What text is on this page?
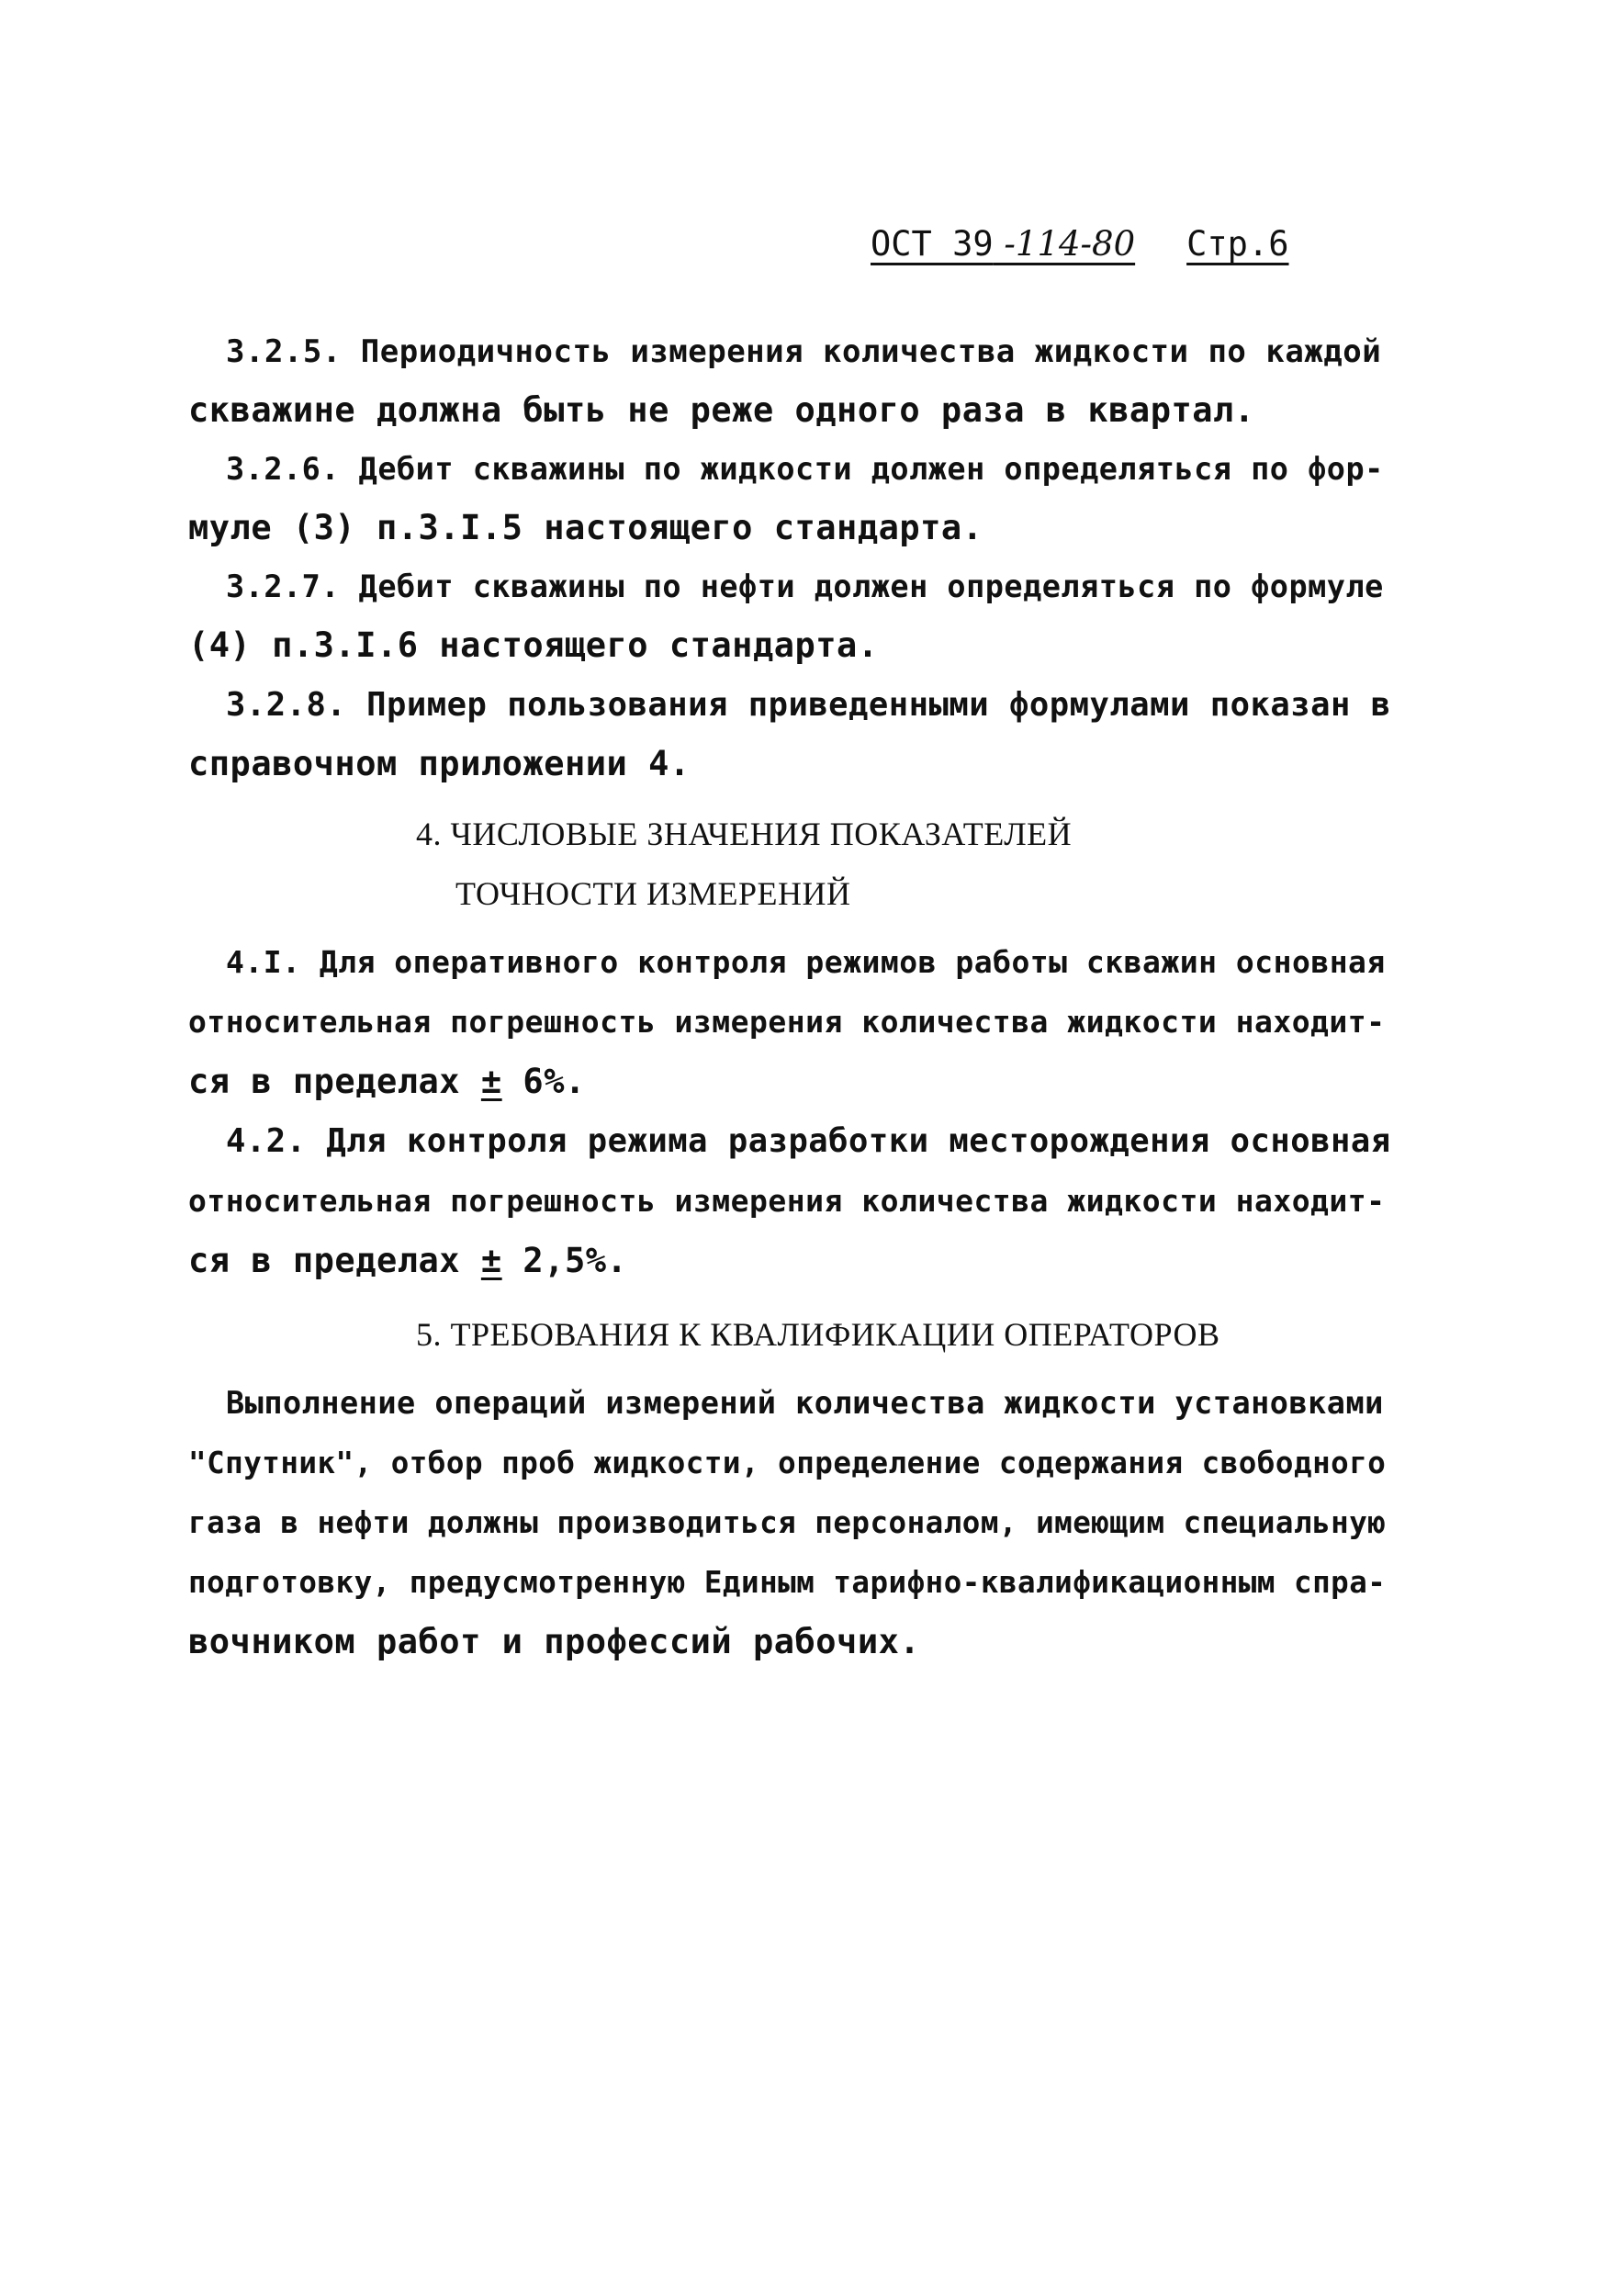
ОСТ 39 -114-80 Стр.6
3.2.5. Периодичность измерения количества жидкости по каждой
скважине должна быть не реже одного раза в квартал.
3.2.6. Дебит скважины по жидкости должен определяться по фор-
муле (3) п.3.I.5 настоящего стандарта.
3.2.7. Дебит скважины по нефти должен определяться по формуле
(4) п.3.I.6 настоящего стандарта.
3.2.8. Пример пользования приведенными формулами показан в
справочном приложении 4.
4. ЧИСЛОВЫЕ ЗНАЧЕНИЯ ПОКАЗАТЕЛЕЙ
ТОЧНОСТИ ИЗМЕРЕНИЙ
4.I. Для оперативного контроля режимов работы скважин основная
относительная погрешность измерения количества жидкости находит-
ся в пределах ± 6%.
4.2. Для контроля режима разработки месторождения основная
относительная погрешность измерения количества жидкости находит-
ся в пределах ± 2,5%.
5. ТРЕБОВАНИЯ К КВАЛИФИКАЦИИ ОПЕРАТОРОВ
Выполнение операций измерений количества жидкости установками
"Спутник", отбор проб жидкости, определение содержания свободного
газа в нефти должны производиться персоналом, имеющим специальную
подготовку, предусмотренную Единым тарифно-квалификационным спра-
вочником работ и профессий рабочих.
